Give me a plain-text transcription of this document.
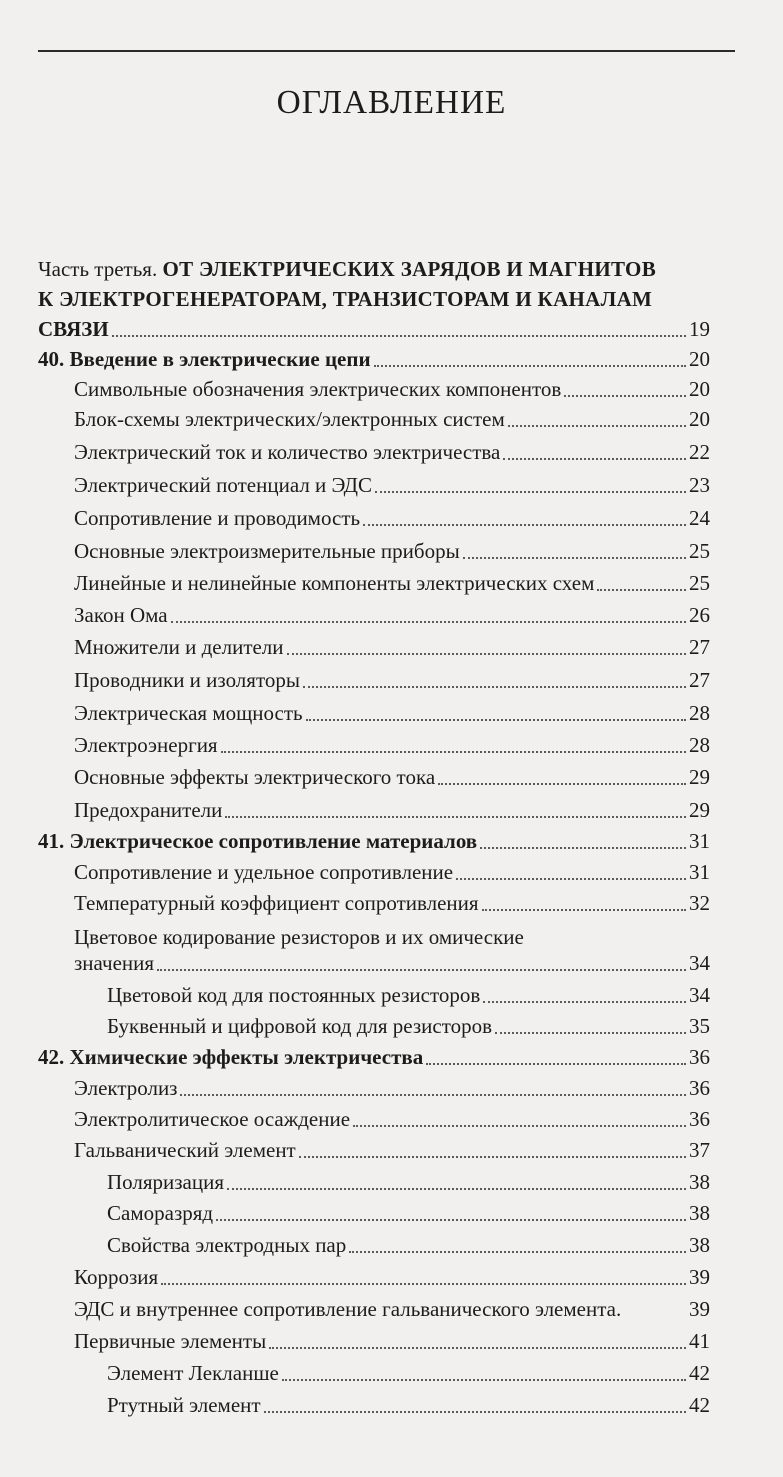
ОГЛАВЛЕНИЕ
Часть третья. ОТ ЭЛЕКТРИЧЕСКИХ ЗАРЯДОВ И МАГНИТОВ
К ЭЛЕКТРОГЕНЕРАТОРАМ, ТРАНЗИСТОРАМ И КАНАЛАМ
СВЯЗИ	19
40. Введение в электрические цепи	20
Символьные обозначения электрических компонентов	20
Блок-схемы электрических/электронных систем	20
Электрический ток и количество электричества	22
Электрический потенциал и ЭДС	23
Сопротивление и проводимость	24
Основные электроизмерительные приборы	25
Линейные и нелинейные компоненты электрических схем	25
Закон Ома	26
Множители и делители	27
Проводники и изоляторы	27
Электрическая мощность	28
Электроэнергия	28
Основные эффекты электрического тока	29
Предохранители	29
41. Электрическое сопротивление материалов	31
Сопротивление и удельное сопротивление	31
Температурный коэффициент сопротивления	32
Цветовое кодирование резисторов и их омические
значения	34
Цветовой код для постоянных резисторов	34
Буквенный и цифровой код для резисторов	35
42. Химические эффекты электричества	36
Электролиз	36
Электролитическое осаждение	36
Гальванический элемент	37
Поляризация	38
Саморазряд	38
Свойства электродных пар	38
Коррозия	39
ЭДС и внутреннее сопротивление гальванического элемента.	39
Первичные элементы	41
Элемент Лекланше	42
Ртутный элемент	42
